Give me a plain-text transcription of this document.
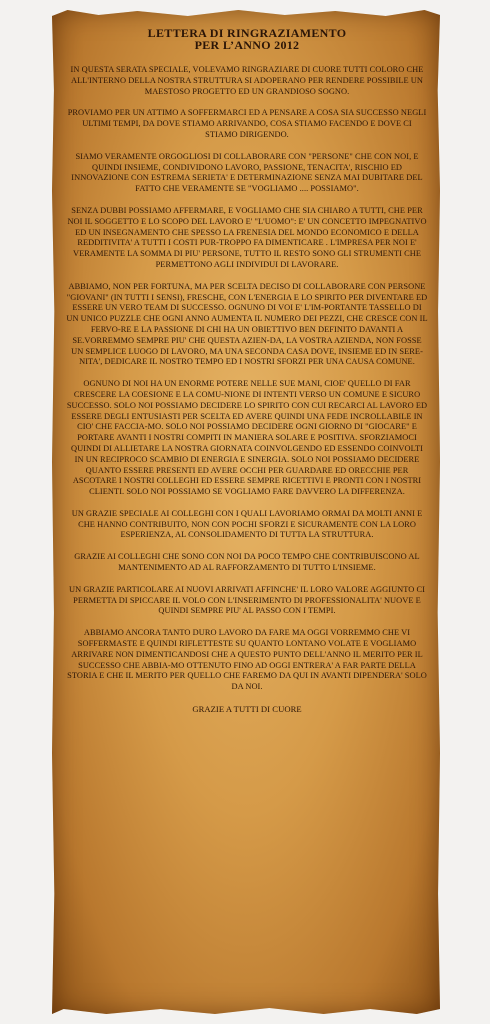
LETTERA DI RINGRAZIAMENTO
PER L’ANNO 2012

IN QUESTA SERATA SPECIALE, VOLEVAMO RINGRAZIARE DI CUORE TUTTI COLORO CHE ALL'INTERNO DELLA NOSTRA STRUTTURA SI ADOPERANO PER RENDERE POSSIBILE UN MAESTOSO PROGETTO ED UN GRANDIOSO SOGNO.

PROVIAMO PER UN ATTIMO A SOFFERMARCI ED A PENSARE A COSA SIA SUCCESSO NEGLI ULTIMI TEMPI, DA DOVE STIAMO ARRIVANDO, COSA STIAMO FACENDO E DOVE CI STIAMO DIRIGENDO.

SIAMO VERAMENTE ORGOGLIOSI DI COLLABORARE CON "PERSONE" CHE CON NOI, E QUINDI INSIEME, CONDIVIDONO LAVORO, PASSIONE, TENACITA', RISCHIO ED INNOVAZIONE CON ESTREMA SERIETA' E DETERMINAZIONE SENZA MAI DUBITARE DEL FATTO CHE VERAMENTE SE "VOGLIAMO .... POSSIAMO".

SENZA DUBBI POSSIAMO AFFERMARE, E VOGLIAMO CHE SIA CHIARO A TUTTI, CHE PER NOI IL SOGGETTO E LO SCOPO DEL LAVORO E' "L'UOMO": E' UN CONCETTO IMPEGNATIVO ED UN INSEGNAMENTO CHE SPESSO LA FRENESIA DEL MONDO ECONOMICO E DELLA REDDITIVITA' A TUTTI I COSTI PUR-TROPPO FA DIMENTICARE . L'IMPRESA PER NOI E' VERAMENTE LA SOMMA DI PIU' PERSONE, TUTTO IL RESTO SONO GLI STRUMENTI CHE PERMETTONO AGLI INDIVIDUI DI LAVORARE.

ABBIAMO, NON PER FORTUNA, MA PER SCELTA DECISO DI COLLABORARE CON PERSONE "GIOVANI" (IN TUTTI I SENSI), FRESCHE, CON L'ENERGIA E LO SPIRITO PER DIVENTARE ED ESSERE UN VERO TEAM DI SUCCESSO. OGNUNO DI VOI E' L'IM-PORTANTE TASSELLO DI UN UNICO PUZZLE CHE OGNI ANNO AUMENTA IL NUMERO DEI PEZZI, CHE CRESCE CON IL FERVO-RE E LA PASSIONE DI CHI HA UN OBIETTIVO BEN DEFINITO DAVANTI A SE.VORREMMO SEMPRE PIU' CHE QUESTA AZIEN-DA, LA VOSTRA AZIENDA, NON FOSSE UN SEMPLICE LUOGO DI LAVORO, MA UNA SECONDA CASA DOVE, INSIEME ED IN SERE-NITA', DEDICARE IL NOSTRO TEMPO ED I NOSTRI SFORZI PER UNA CAUSA COMUNE.

OGNUNO DI NOI HA UN ENORME POTERE NELLE SUE MANI, CIOE' QUELLO DI FAR CRESCERE LA COESIONE E LA COMU-NIONE DI INTENTI VERSO UN COMUNE E SICURO SUCCESSO. SOLO NOI POSSIAMO DECIDERE LO SPIRITO CON CUI RECARCI AL LAVORO ED ESSERE DEGLI ENTUSIASTI PER SCELTA ED AVERE QUINDI UNA FEDE INCROLLABILE IN CIO' CHE FACCIA-MO. SOLO NOI POSSIAMO DECIDERE OGNI GIORNO DI "GIOCARE" E PORTARE AVANTI I NOSTRI COMPITI IN MANIERA SOLARE E POSITIVA. SFORZIAMOCI QUINDI DI ALLIETARE LA NOSTRA GIORNATA COINVOLGENDO ED ESSENDO COINVOLTI IN UN RECIPROCO SCAMBIO DI ENERGIA E SINERGIA. SOLO NOI POSSIAMO DECIDERE QUANTO ESSERE PRESENTI ED AVERE OCCHI PER GUARDARE ED ORECCHIE PER ASCOTARE I NOSTRI COLLEGHI ED ESSERE SEMPRE RICETTIVI E PRONTI CON I NOSTRI CLIENTI. SOLO NOI POSSIAMO SE VOGLIAMO FARE DAVVERO LA DIFFERENZA.

UN GRAZIE SPECIALE AI COLLEGHI CON I QUALI LAVORIAMO ORMAI DA MOLTI ANNI E CHE HANNO CONTRIBUITO, NON CON POCHI SFORZI E SICURAMENTE CON LA LORO ESPERIENZA, AL CONSOLIDAMENTO DI TUTTA LA STRUTTURA.

GRAZIE AI COLLEGHI CHE SONO CON NOI DA POCO TEMPO CHE CONTRIBUISCONO AL MANTENIMENTO AD AL RAFFORZAMENTO DI TUTTO L'INSIEME.

UN GRAZIE PARTICOLARE AI NUOVI ARRIVATI AFFINCHE' IL LORO VALORE AGGIUNTO CI PERMETTA DI SPICCARE IL VOLO CON L'INSERIMENTO DI PROFESSIONALITA' NUOVE E QUINDI SEMPRE PIU' AL PASSO CON I TEMPI.

ABBIAMO ANCORA TANTO DURO LAVORO DA FARE MA OGGI VORREMMO CHE VI SOFFERMASTE E QUINDI RIFLETTESTE SU QUANTO LONTANO VOLATE E VOGLIAMO ARRIVARE NON DIMENTICANDOSI CHE A QUESTO PUNTO DELL'ANNO IL MERITO PER IL SUCCESSO CHE ABBIA-MO OTTENUTO FINO AD OGGI ENTRERA' A FAR PARTE DELLA STORIA E CHE IL MERITO PER QUELLO CHE FAREMO DA QUI IN AVANTI DIPENDERA' SOLO DA NOI.

GRAZIE A TUTTI DI CUORE
